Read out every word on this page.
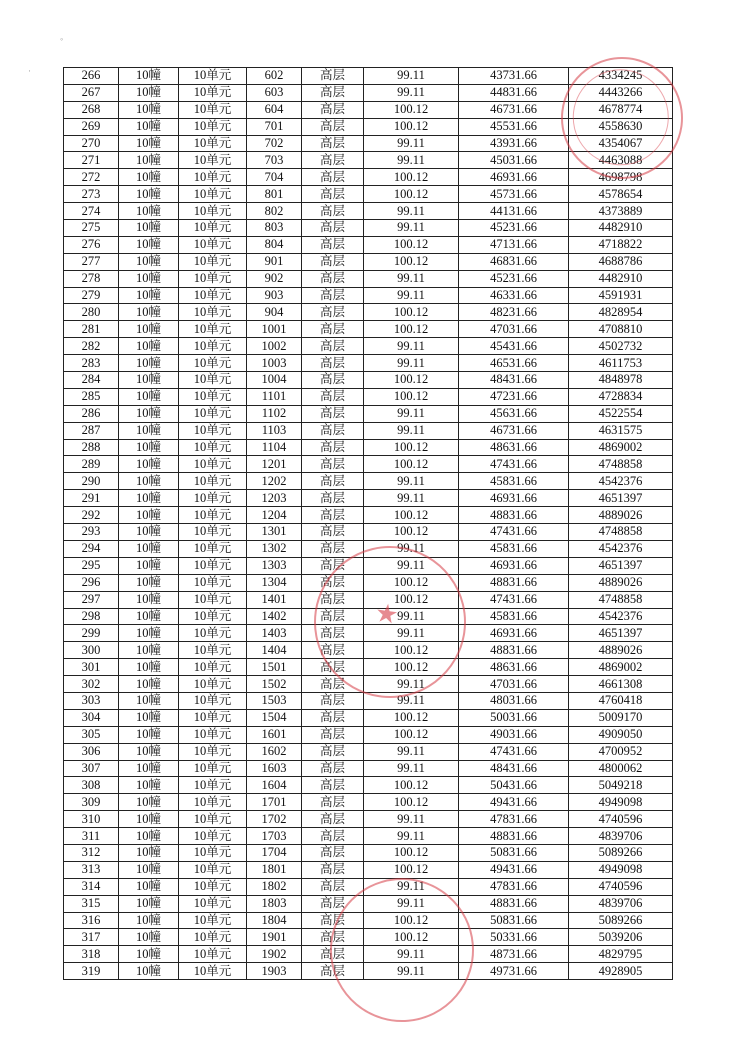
◦
·	266	10幢	10单元	602	高层	99.11	43731.66	4334245
267	10幢	10单元	603	高层	99.11	44831.66	4443266
268	10幢	10单元	604	高层	100.12	46731.66	4678774
269	10幢	10单元	701	高层	100.12	45531.66	4558630
270	10幢	10单元	702	高层	99.11	43931.66	4354067
271	10幢	10单元	703	高层	99.11	45031.66	4463088
272	10幢	10单元	704	高层	100.12	46931.66	4698798
273	10幢	10单元	801	高层	100.12	45731.66	4578654
274	10幢	10单元	802	高层	99.11	44131.66	4373889
275	10幢	10单元	803	高层	99.11	45231.66	4482910
276	10幢	10单元	804	高层	100.12	47131.66	4718822
277	10幢	10单元	901	高层	100.12	46831.66	4688786
278	10幢	10单元	902	高层	99.11	45231.66	4482910
279	10幢	10单元	903	高层	99.11	46331.66	4591931
280	10幢	10单元	904	高层	100.12	48231.66	4828954
281	10幢	10单元	1001	高层	100.12	47031.66	4708810
282	10幢	10单元	1002	高层	99.11	45431.66	4502732
283	10幢	10单元	1003	高层	99.11	46531.66	4611753
284	10幢	10单元	1004	高层	100.12	48431.66	4848978
285	10幢	10单元	1101	高层	100.12	47231.66	4728834
286	10幢	10单元	1102	高层	99.11	45631.66	4522554
287	10幢	10单元	1103	高层	99.11	46731.66	4631575
288	10幢	10单元	1104	高层	100.12	48631.66	4869002
289	10幢	10单元	1201	高层	100.12	47431.66	4748858
290	10幢	10单元	1202	高层	99.11	45831.66	4542376
291	10幢	10单元	1203	高层	99.11	46931.66	4651397
292	10幢	10单元	1204	高层	100.12	48831.66	4889026
293	10幢	10单元	1301	高层	100.12	47431.66	4748858
294	10幢	10单元	1302	高层	99.11	45831.66	4542376
295	10幢	10单元	1303	高层	99.11	46931.66	4651397
296	10幢	10单元	1304	高层	100.12	48831.66	4889026
297	10幢	10单元	1401	高层	100.12	47431.66	4748858
298	10幢	10单元	1402	高层	99.11	45831.66	4542376
299	10幢	10单元	1403	高层	99.11	46931.66	4651397
300	10幢	10单元	1404	高层	100.12	48831.66	4889026
301	10幢	10单元	1501	高层	100.12	48631.66	4869002
302	10幢	10单元	1502	高层	99.11	47031.66	4661308
303	10幢	10单元	1503	高层	99.11	48031.66	4760418
304	10幢	10单元	1504	高层	100.12	50031.66	5009170
305	10幢	10单元	1601	高层	100.12	49031.66	4909050
306	10幢	10单元	1602	高层	99.11	47431.66	4700952
307	10幢	10单元	1603	高层	99.11	48431.66	4800062
308	10幢	10单元	1604	高层	100.12	50431.66	5049218
309	10幢	10单元	1701	高层	100.12	49431.66	4949098
310	10幢	10单元	1702	高层	99.11	47831.66	4740596
311	10幢	10单元	1703	高层	99.11	48831.66	4839706
312	10幢	10单元	1704	高层	100.12	50831.66	5089266
313	10幢	10单元	1801	高层	100.12	49431.66	4949098
314	10幢	10单元	1802	高层	99.11	47831.66	4740596
315	10幢	10单元	1803	高层	99.11	48831.66	4839706
316	10幢	10单元	1804	高层	100.12	50831.66	5089266
317	10幢	10单元	1901	高层	100.12	50331.66	5039206
318	10幢	10单元	1902	高层	99.11	48731.66	4829795
319	10幢	10单元	1903	高层	99.11	49731.66	4928905
★
